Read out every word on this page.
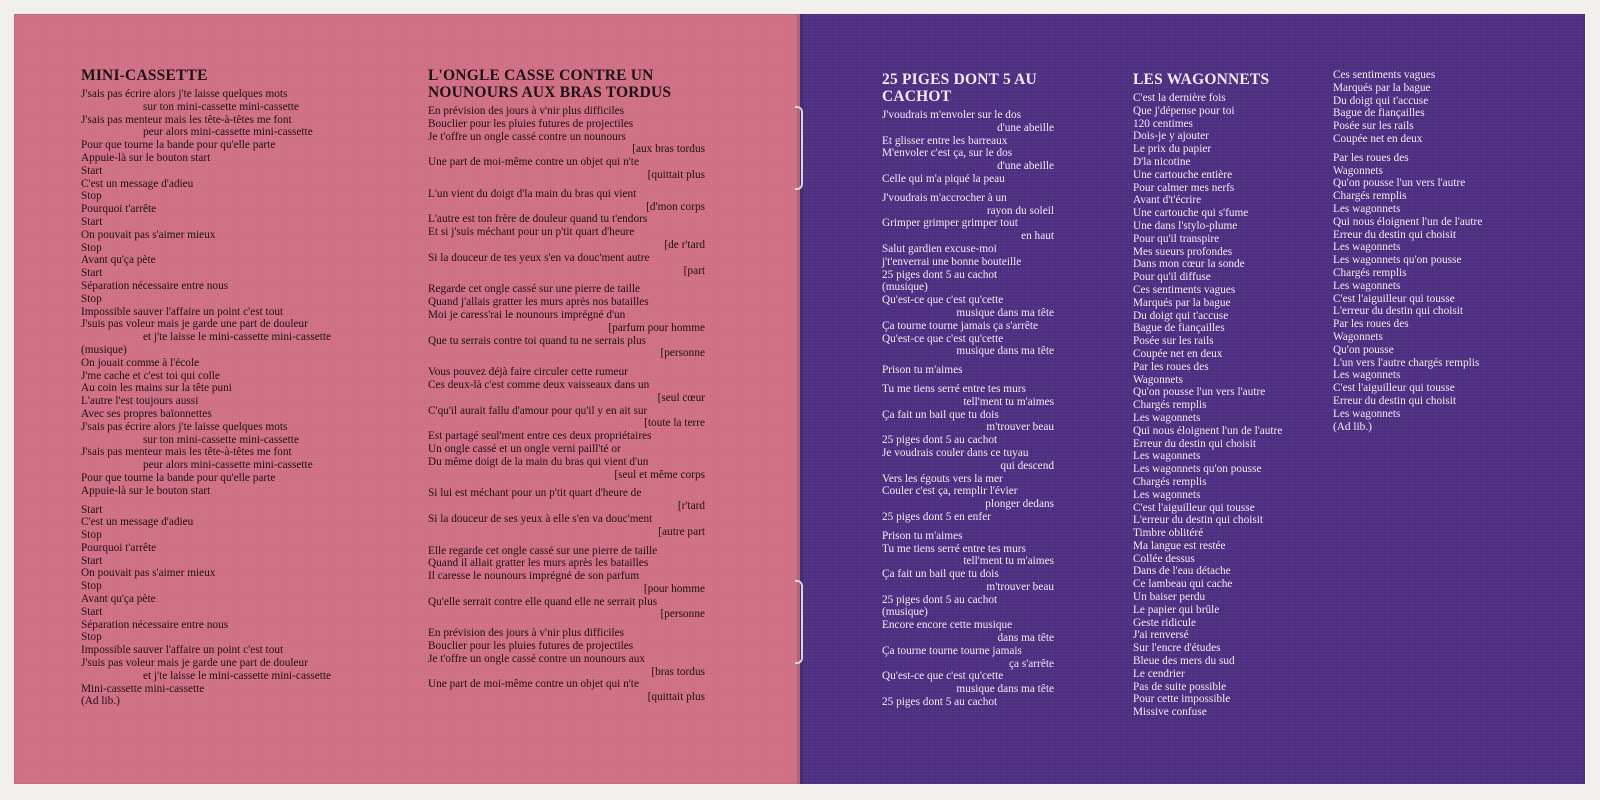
MINI-CASSETTE
J'sais pas écrire alors j'te laisse quelques mots
sur ton mini-cassette mini-cassette
J'sais pas menteur mais les tête-à-têtes me font
peur alors mini-cassette mini-cassette
Pour que tourne la bande pour qu'elle parte
Appuie-là sur le bouton start
Start
C'est un message d'adieu
Stop
Pourquoi t'arrête
Start
On pouvait pas s'aimer mieux
Stop
Avant qu'ça pète
Start
Séparation nécessaire entre nous
Stop
Impossible sauver l'affaire un point c'est tout
J'suis pas voleur mais je garde une part de douleur
et j'te laisse le mini-cassette mini-cassette
(musique)
On jouait comme à l'école
J'me cache et c'est toi qui colle
Au coin les mains sur la tête puni
L'autre l'est toujours aussi
Avec ses propres baïonnettes
J'sais pas écrire alors j'te laisse quelques mots
sur ton mini-cassette mini-cassette
J'sais pas menteur mais les tête-à-têtes me font
peur alors mini-cassette mini-cassette
Pour que tourne la bande pour qu'elle parte
Appuie-là sur le bouton start
Start
C'est un message d'adieu
Stop
Pourquoi t'arrête
Start
On pouvait pas s'aimer mieux
Stop
Avant qu'ça pète
Start
Séparation nécessaire entre nous
Stop
Impossible sauver l'affaire un point c'est tout
J'suis pas voleur mais je garde une part de douleur
et j'te laisse le mini-cassette mini-cassette
Mini-cassette mini-cassette
(Ad lib.)
L'ONGLE CASSE CONTRE UN NOUNOURS AUX BRAS TORDUS
En prévision des jours à v'nir plus difficiles
Bouclier pour les pluies futures de projectiles
Je t'offre un ongle cassé contre un nounours
[aux bras tordus
Une part de moi-même contre un objet qui n'te
[quittait plus
L'un vient du doigt d'la main du bras qui vient
[d'mon corps
L'autre est ton frère de douleur quand tu t'endors
Et si j'suis méchant pour un p'tit quart d'heure
[de r'tard
Si la douceur de tes yeux s'en va douc'ment autre
[part
Regarde cet ongle cassé sur une pierre de taille
Quand j'allais gratter les murs après nos batailles
Moi je caress'rai le nounours imprégné d'un
[parfum pour homme
Que tu serrais contre toi quand tu ne serrais plus
[personne
Vous pouvez déjà faire circuler cette rumeur
Ces deux-là c'est comme deux vaisseaux dans un
[seul cœur
C'qu'il aurait fallu d'amour pour qu'il y en ait sur
[toute la terre
Est partagé seul'ment entre ces deux propriétaires
Un ongle cassé et un ongle verni paill'té or
Du même doigt de la main du bras qui vient d'un
[seul et même corps
Si lui est méchant pour un p'tit quart d'heure de
[r'tard
Si la douceur de ses yeux à elle s'en va douc'ment
[autre part
Elle regarde cet ongle cassé sur une pierre de taille
Quand il allait gratter les murs après les batailles
Il caresse le nounours imprégné de son parfum
[pour homme
Qu'elle serrait contre elle quand elle ne serrait plus
[personne
En prévision des jours à v'nir plus difficiles
Bouclier pour les pluies futures de projectiles
Je t'offre un ongle cassé contre un nounours aux
[bras tordus
Une part de moi-même contre un objet qui n'te
[quittait plus
25 PIGES DONT 5 AU CACHOT
J'voudrais m'envoler sur le dos
d'une abeille
Et glisser entre les barreaux
M'envoler c'est ça, sur le dos
d'une abeille
Celle qui m'a piqué la peau
J'voudrais m'accrocher à un
rayon du soleil
Grimper grimper grimper tout
en haut
Salut gardien excuse-moi
j't'enverrai une bonne bouteille
25 piges dont 5 au cachot
(musique)
Qu'est-ce que c'est qu'cette
musique dans ma tête
Ça tourne tourne jamais ça s'arrête
Qu'est-ce que c'est qu'cette
musique dans ma tête
Prison tu m'aimes
Tu me tiens serré entre tes murs
tell'ment tu m'aimes
Ça fait un bail que tu dois
m'trouver beau
25 piges dont 5 au cachot
Je voudrais couler dans ce tuyau
qui descend
Vers les égouts vers la mer
Couler c'est ça, remplir l'évier
plonger dedans
25 piges dont 5 en enfer
Prison tu m'aimes
Tu me tiens serré entre tes murs
tell'ment tu m'aimes
Ça fait un bail que tu dois
m'trouver beau
25 piges dont 5 au cachot
(musique)
Encore encore cette musique
dans ma tête
Ça tourne tourne tourne jamais
ça s'arrête
Qu'est-ce que c'est qu'cette
musique dans ma tête
25 piges dont 5 au cachot
LES WAGONNETS
C'est la dernière fois
Que j'dépense pour toi
120 centimes
Dois-je y ajouter
Le prix du papier
D'la nicotine
Une cartouche entière
Pour calmer mes nerfs
Avant d't'écrire
Une cartouche qui s'fume
Une dans l'stylo-plume
Pour qu'il transpire
Mes sueurs profondes
Dans mon cœur la sonde
Pour qu'il diffuse
Ces sentiments vagues
Marqués par la bague
Du doigt qui t'accuse
Bague de fiançailles
Posée sur les rails
Coupée net en deux
Par les roues des
Wagonnets
Qu'on pousse l'un vers l'autre
Chargés remplis
Les wagonnets
Qui nous éloignent l'un de l'autre
Erreur du destin qui choisit
Les wagonnets
Les wagonnets qu'on pousse
Chargés remplis
Les wagonnets
C'est l'aiguilleur qui tousse
L'erreur du destin qui choisit
Timbre oblitéré
Ma langue est restée
Collée dessus
Dans de l'eau détache
Ce lambeau qui cache
Un baiser perdu
Le papier qui brûle
Geste ridicule
J'ai renversé
Sur l'encre d'études
Bleue des mers du sud
Le cendrier
Pas de suite possible
Pour cette impossible
Missive confuse
Ces sentiments vagues
Marqués par la bague
Du doigt qui t'accuse
Bague de fiançailles
Posée sur les rails
Coupée net en deux
Par les roues des
Wagonnets
Qu'on pousse l'un vers l'autre
Chargés remplis
Les wagonnets
Qui nous éloignent l'un de l'autre
Erreur du destin qui choisit
Les wagonnets
Les wagonnets qu'on pousse
Chargés remplis
Les wagonnets
C'est l'aiguilleur qui tousse
L'erreur du destin qui choisit
Par les roues des
Wagonnets
Qu'on pousse
L'un vers l'autre chargés remplis
Les wagonnets
C'est l'aiguilleur qui tousse
Erreur du destin qui choisit
Les wagonnets
(Ad lib.)
